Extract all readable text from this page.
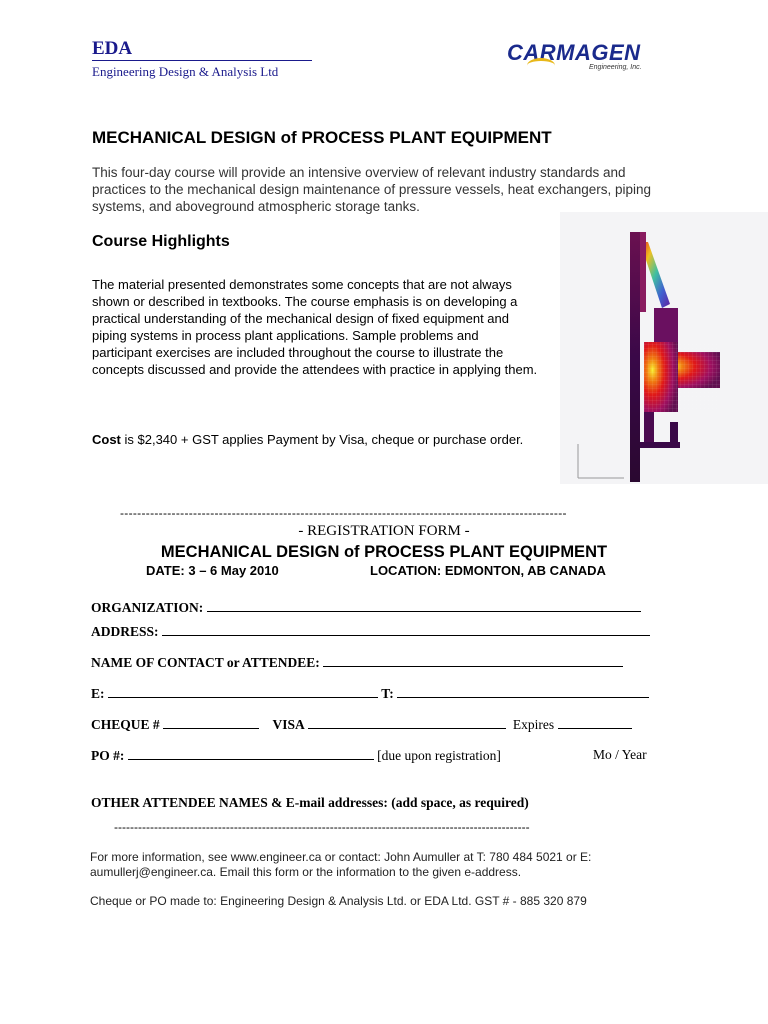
EDA
Engineering Design & Analysis Ltd
CARMAGEN
Engineering, Inc.
MECHANICAL DESIGN of PROCESS PLANT EQUIPMENT
This four-day course will provide an intensive overview of relevant industry standards and practices to the mechanical design maintenance of pressure vessels, heat exchangers, piping systems, and aboveground atmospheric storage tanks.
Course Highlights
The material presented demonstrates some concepts that are not always shown or described in textbooks. The course emphasis is on developing a practical understanding of the mechanical design of fixed equipment and piping systems in process plant applications. Sample problems and participant exercises are included throughout the course to illustrate the concepts discussed and provide the attendees with practice in applying them.
Cost is $2,340 + GST applies Payment by Visa, cheque or purchase order.
--------------------------------------------------------------------------------------------------------
- REGISTRATION FORM -
MECHANICAL DESIGN of PROCESS PLANT EQUIPMENT
DATE: 3 – 6 May 2010	LOCATION: EDMONTON, AB CANADA
ORGANIZATION:
ADDRESS:
NAME OF CONTACT or ATTENDEE:
E:	T:
CHEQUE #	VISA	Expires
PO #:	[due upon registration]	Mo / Year
OTHER ATTENDEE NAMES & E-mail addresses: (add space, as required)
--------------------------------------------------------------------------------------------------------
For more information, see www.engineer.ca or contact: John Aumuller at T: 780 484 5021 or E: aumullerj@engineer.ca. Email this form or the information to the given e-address.
Cheque or PO made to: Engineering Design & Analysis Ltd. or EDA Ltd. GST # - 885 320 879
